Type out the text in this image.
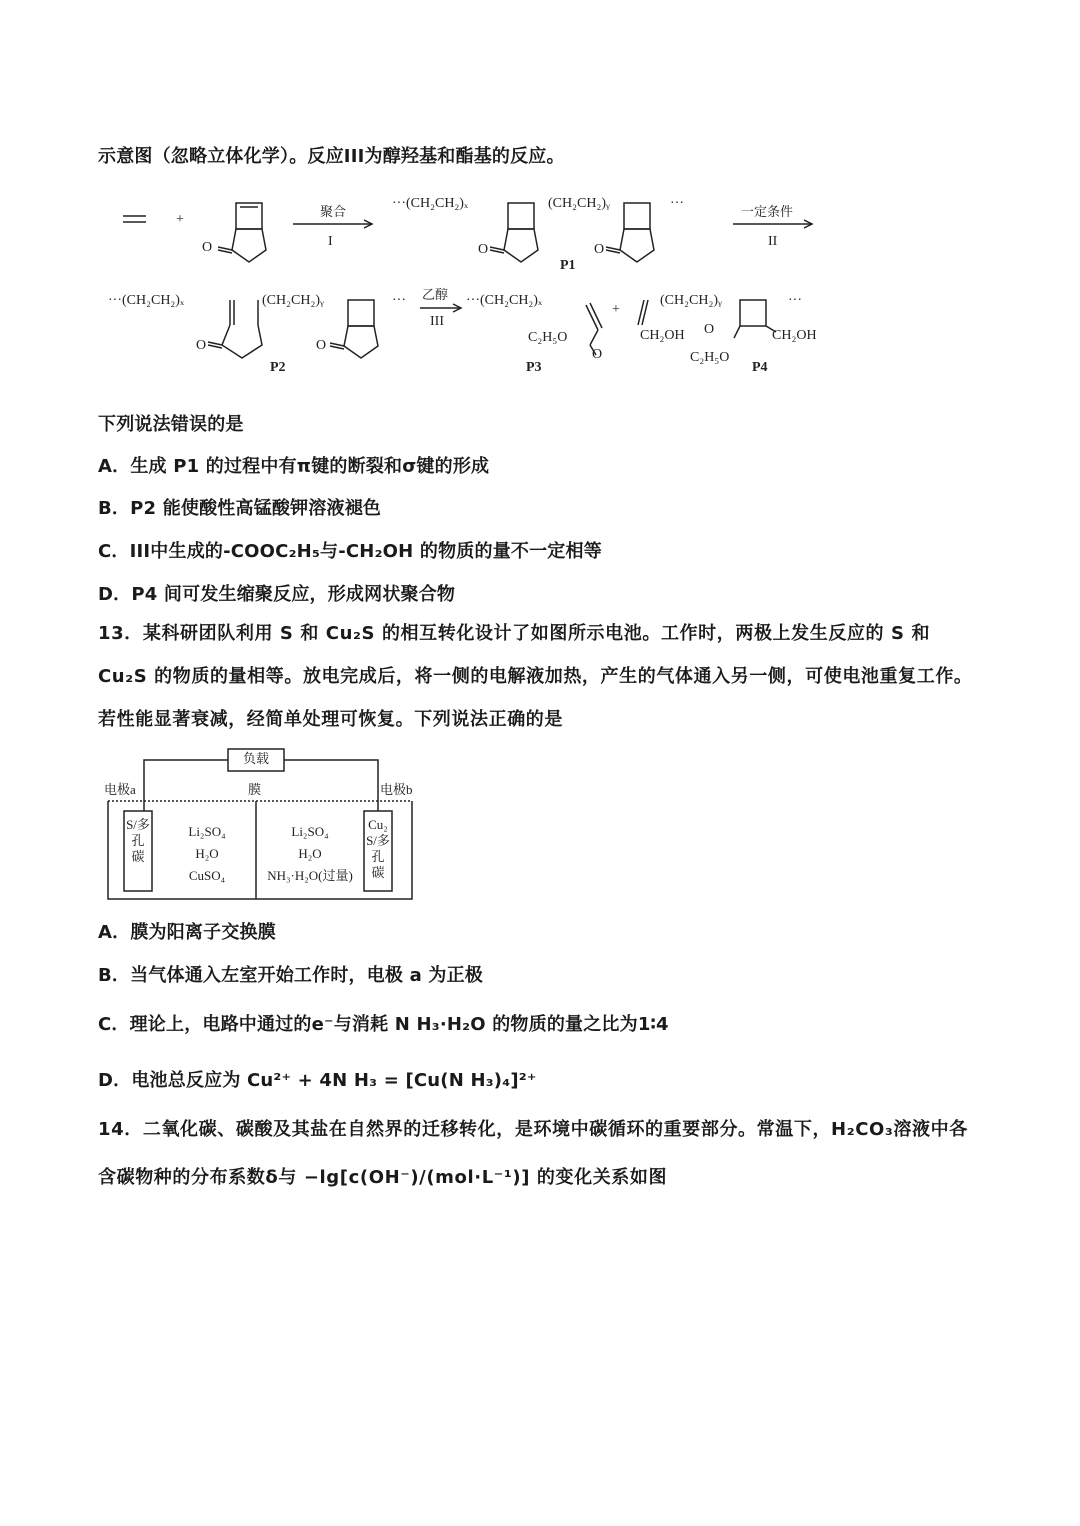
示意图（忽略立体化学）。反应III为醇羟基和酯基的反应。
聚合
I
+
O
···(CH₂CH₂)ₓ	(CH₂CH₂)ᵧ	···
O	O
P1
一定条件
II
···(CH₂CH₂)ₓ	(CH₂CH₂)ᵧ	···
O	O
P2
乙醇
III
···(CH₂CH₂)ₓ
C₂H₅O
O
P3
+
(CH₂CH₂)ᵧ	···
CH₂OH O	CH₂OH
C₂H₅O
P4
下列说法错误的是
A．生成 P1 的过程中有π键的断裂和σ键的形成
B．P2 能使酸性高锰酸钾溶液褪色
C．III中生成的-COOC₂H₅与-CH₂OH 的物质的量不一定相等
D．P4 间可发生缩聚反应，形成网状聚合物
13．某科研团队利用 S 和 Cu₂S 的相互转化设计了如图所示电池。工作时，两极上发生反应的 S 和 Cu₂S 的物质的量相等。放电完成后，将一侧的电解液加热，产生的气体通入另一侧，可使电池重复工作。若性能显著衰减，经简单处理可恢复。下列说法正确的是
负载
电极a	膜	电极b
S/多孔碳
Cu₂S/多孔碳
Li₂SO₄
H₂O
CuSO₄
Li₂SO₄
H₂O
NH₃·H₂O(过量)
A．膜为阳离子交换膜
B．当气体通入左室开始工作时，电极 a 为正极
C．理论上，电路中通过的e⁻与消耗 N H₃·H₂O 的物质的量之比为1∶4
D．电池总反应为 Cu²⁺ + 4N H₃ = [Cu(N H₃)₄]²⁺
14．二氧化碳、碳酸及其盐在自然界的迁移转化，是环境中碳循环的重要部分。常温下，H₂CO₃溶液中各含碳物种的分布系数δ与 −lg[c(OH⁻)/(mol·L⁻¹)] 的变化关系如图
